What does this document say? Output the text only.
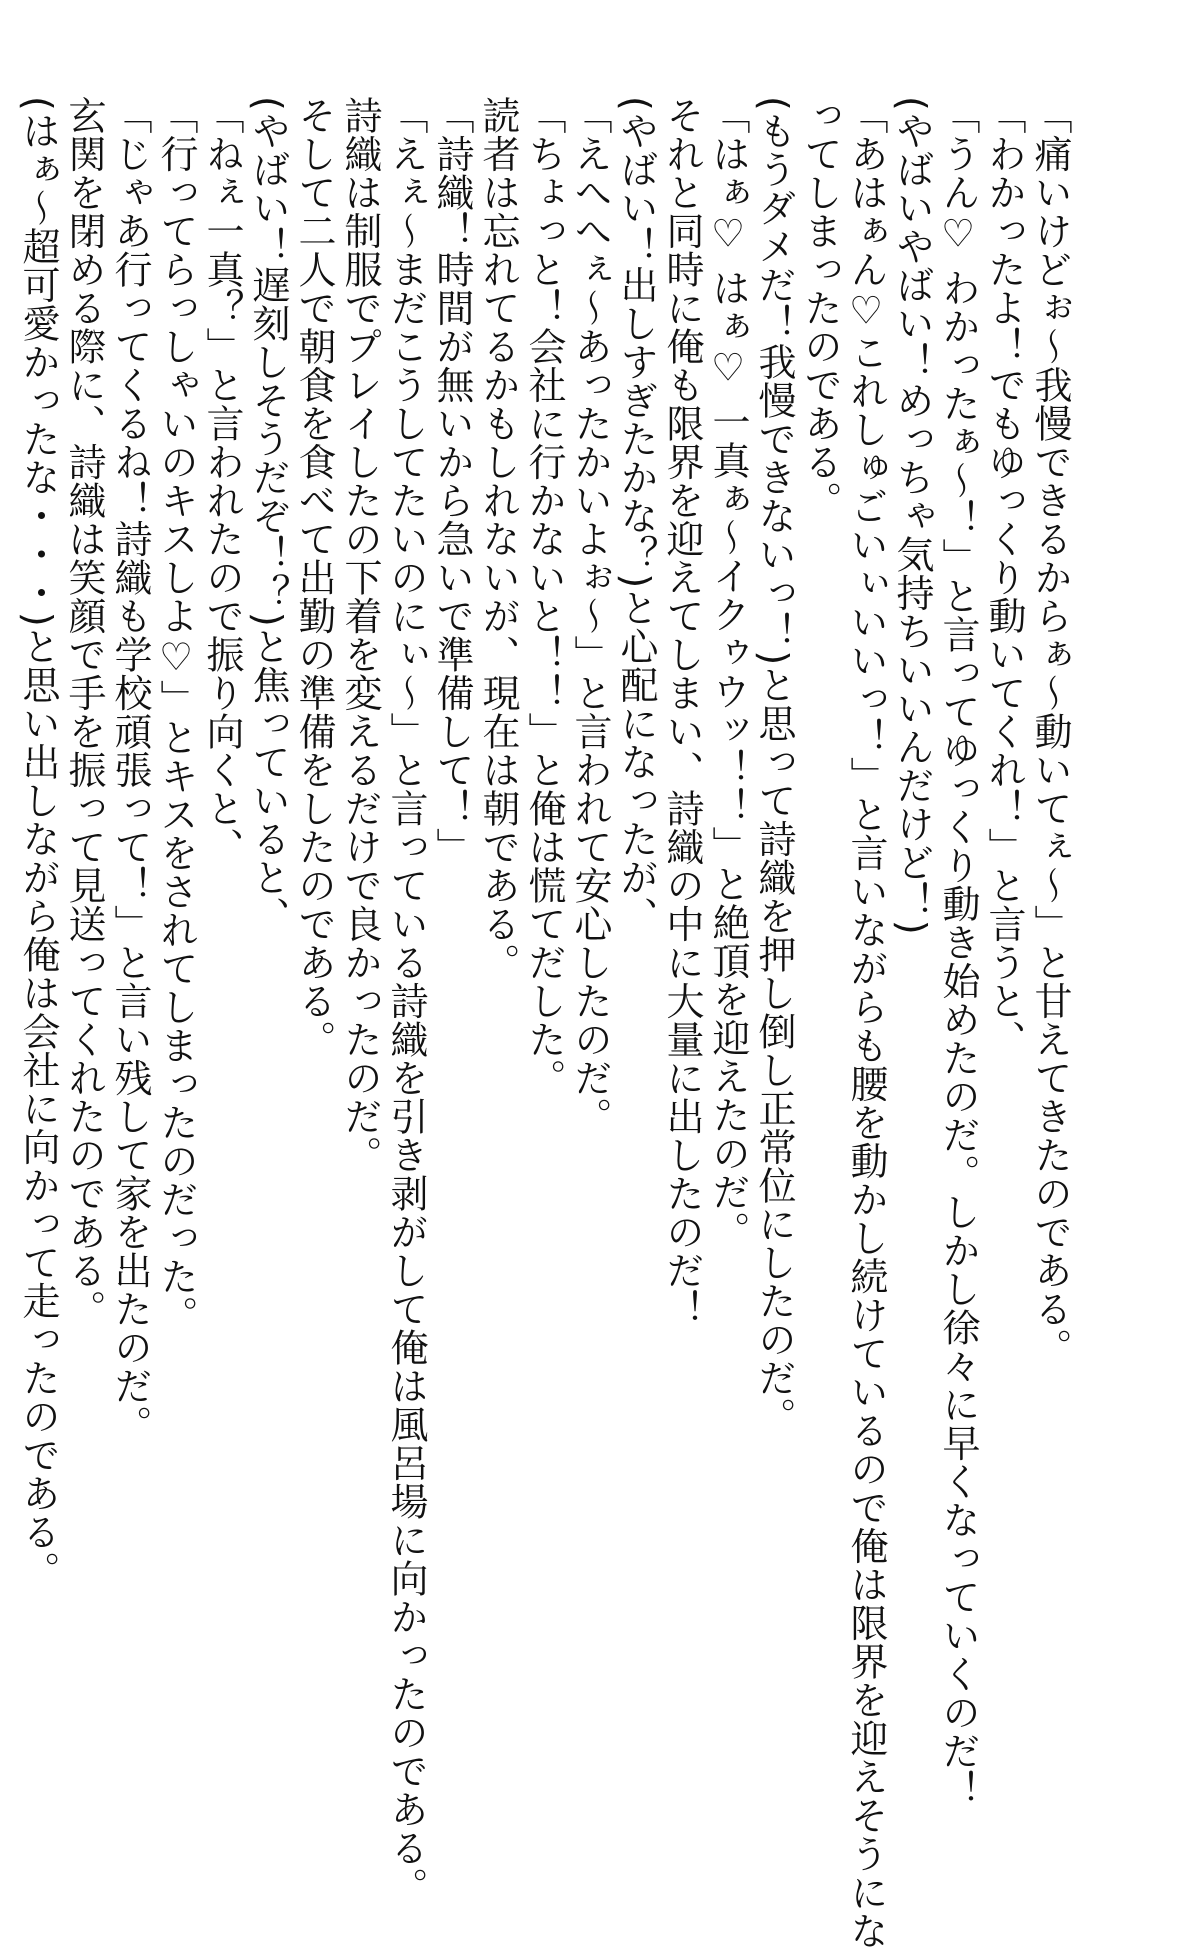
「痛いけどぉ～我慢できるからぁ～動いてぇ～」と甘えてきたのである。
「わかったよ！でもゆっくり動いてくれ！」と言うと、
「うん♡ わかったぁ～！」と言ってゆっくり動き始めたのだ。しかし徐々に早くなっていくのだ！
(やばいやばい！めっちゃ気持ちいいんだけど！)
「あはぁん♡これしゅごいぃいいっ！」と言いながらも腰を動かし続けているので俺は限界を迎えそうにな
ってしまったのである。
(もうダメだ！我慢できないっ！)と思って詩織を押し倒し正常位にしたのだ。
「はぁ♡ はぁ♡ 一真ぁ～イクゥウッ！！」と絶頂を迎えたのだ。
それと同時に俺も限界を迎えてしまい、詩織の中に大量に出したのだ！
(やばい！出しすぎたかな？)と心配になったが、
「えへへぇ～あったかいよぉ～」と言われて安心したのだ。
「ちょっと！会社に行かないと！！」と俺は慌てだした。
読者は忘れてるかもしれないが、現在は朝である。
「詩織！時間が無いから急いで準備して！」
「えぇ～まだこうしてたいのにぃ～」と言っている詩織を引き剥がして俺は風呂場に向かったのである。
詩織は制服でプレイしたの下着を変えるだけで良かったのだ。
そして二人で朝食を食べて出勤の準備をしたのである。
(やばい！遅刻しそうだぞ！？)と焦っていると、
「ねぇ一真？」と言われたので振り向くと、
「行ってらっしゃいのキスしよ♡」とキスをされてしまったのだった。
「じゃあ行ってくるね！詩織も学校頑張って！」と言い残して家を出たのだ。
玄関を閉める際に、詩織は笑顔で手を振って見送ってくれたのである。
(はぁ～超可愛かったな・・・)と思い出しながら俺は会社に向かって走ったのである。
